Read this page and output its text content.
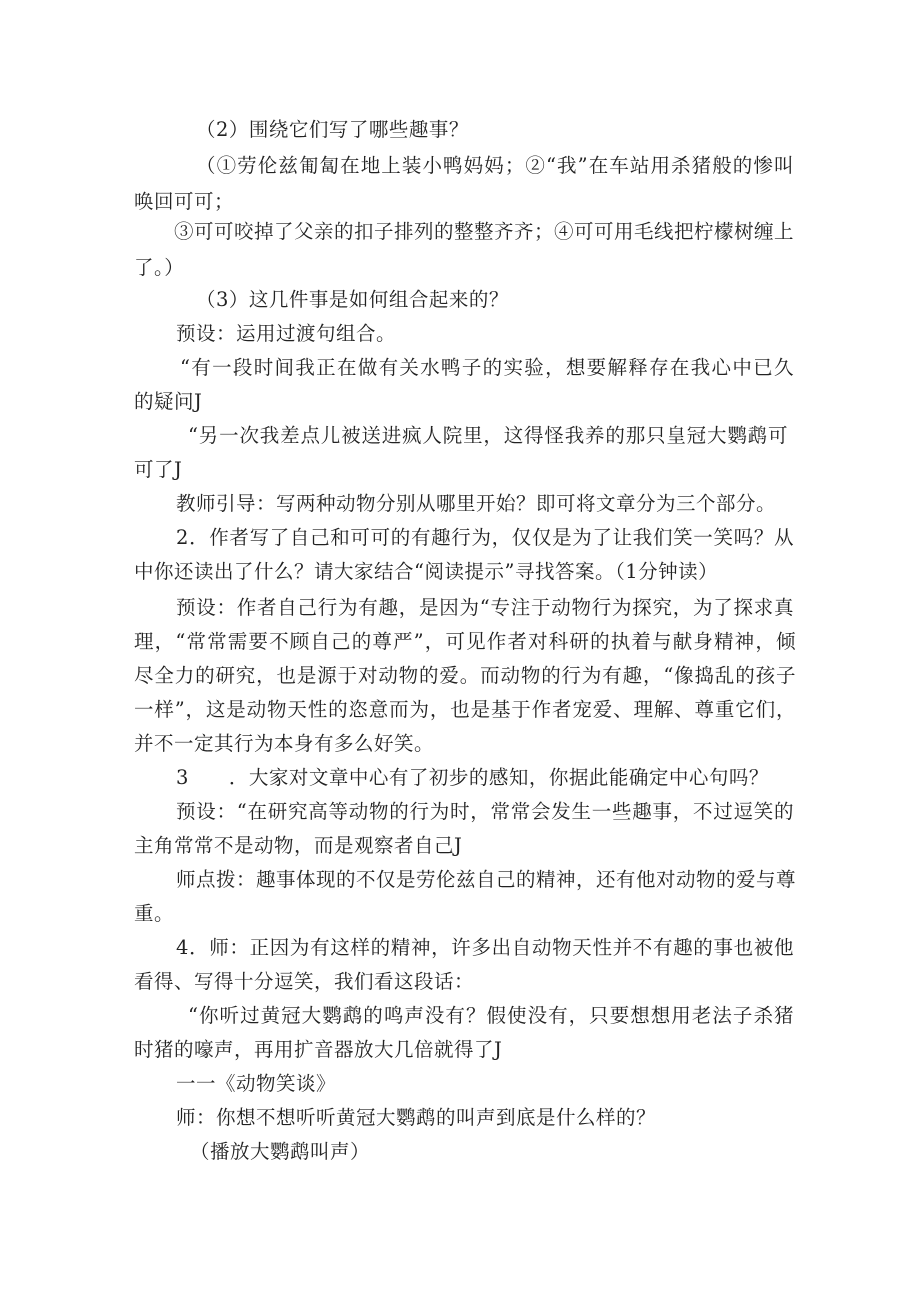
（2）围绕它们写了哪些趣事？
（①劳伦兹匍匐在地上装小鸭妈妈；②“我”在车站用杀猪般的惨叫
唤回可可；
③可可咬掉了父亲的扣子排列的整整齐齐；④可可用毛线把柠檬树缠上
了。）
（3）这几件事是如何组合起来的？
预设：运用过渡句组合。
“有一段时间我正在做有关水鸭子的实验，想要解释存在我心中已久
的疑问J
“另一次我差点儿被送进疯人院里，这得怪我养的那只皇冠大鹦鹉可
可了J
教师引导：写两种动物分别从哪里开始？即可将文章分为三个部分。
2．作者写了自己和可可的有趣行为，仅仅是为了让我们笑一笑吗？从
中你还读出了什么？请大家结合“阅读提示”寻找答案。（1分钟读）
预设：作者自己行为有趣，是因为“专注于动物行为探究，为了探求真
理，“常常需要不顾自己的尊严”，可见作者对科研的执着与献身精神，倾
尽全力的研究，也是源于对动物的爱。而动物的行为有趣，“像捣乱的孩子
一样”，这是动物天性的恣意而为，也是基于作者宠爱、理解、尊重它们，
并不一定其行为本身有多么好笑。
3　　．大家对文章中心有了初步的感知，你据此能确定中心句吗？
预设：“在研究高等动物的行为时，常常会发生一些趣事，不过逗笑的
主角常常不是动物，而是观察者自己J
师点拨：趣事体现的不仅是劳伦兹自己的精神，还有他对动物的爱与尊
重。
4．师：正因为有这样的精神，许多出自动物天性并不有趣的事也被他
看得、写得十分逗笑，我们看这段话：
“你听过黄冠大鹦鹉的鸣声没有？假使没有，只要想想用老法子杀猪
时猪的嚎声，再用扩音器放大几倍就得了J
一一《动物笑谈》
师：你想不想听听黄冠大鹦鹉的叫声到底是什么样的？
（播放大鹦鹉叫声）
